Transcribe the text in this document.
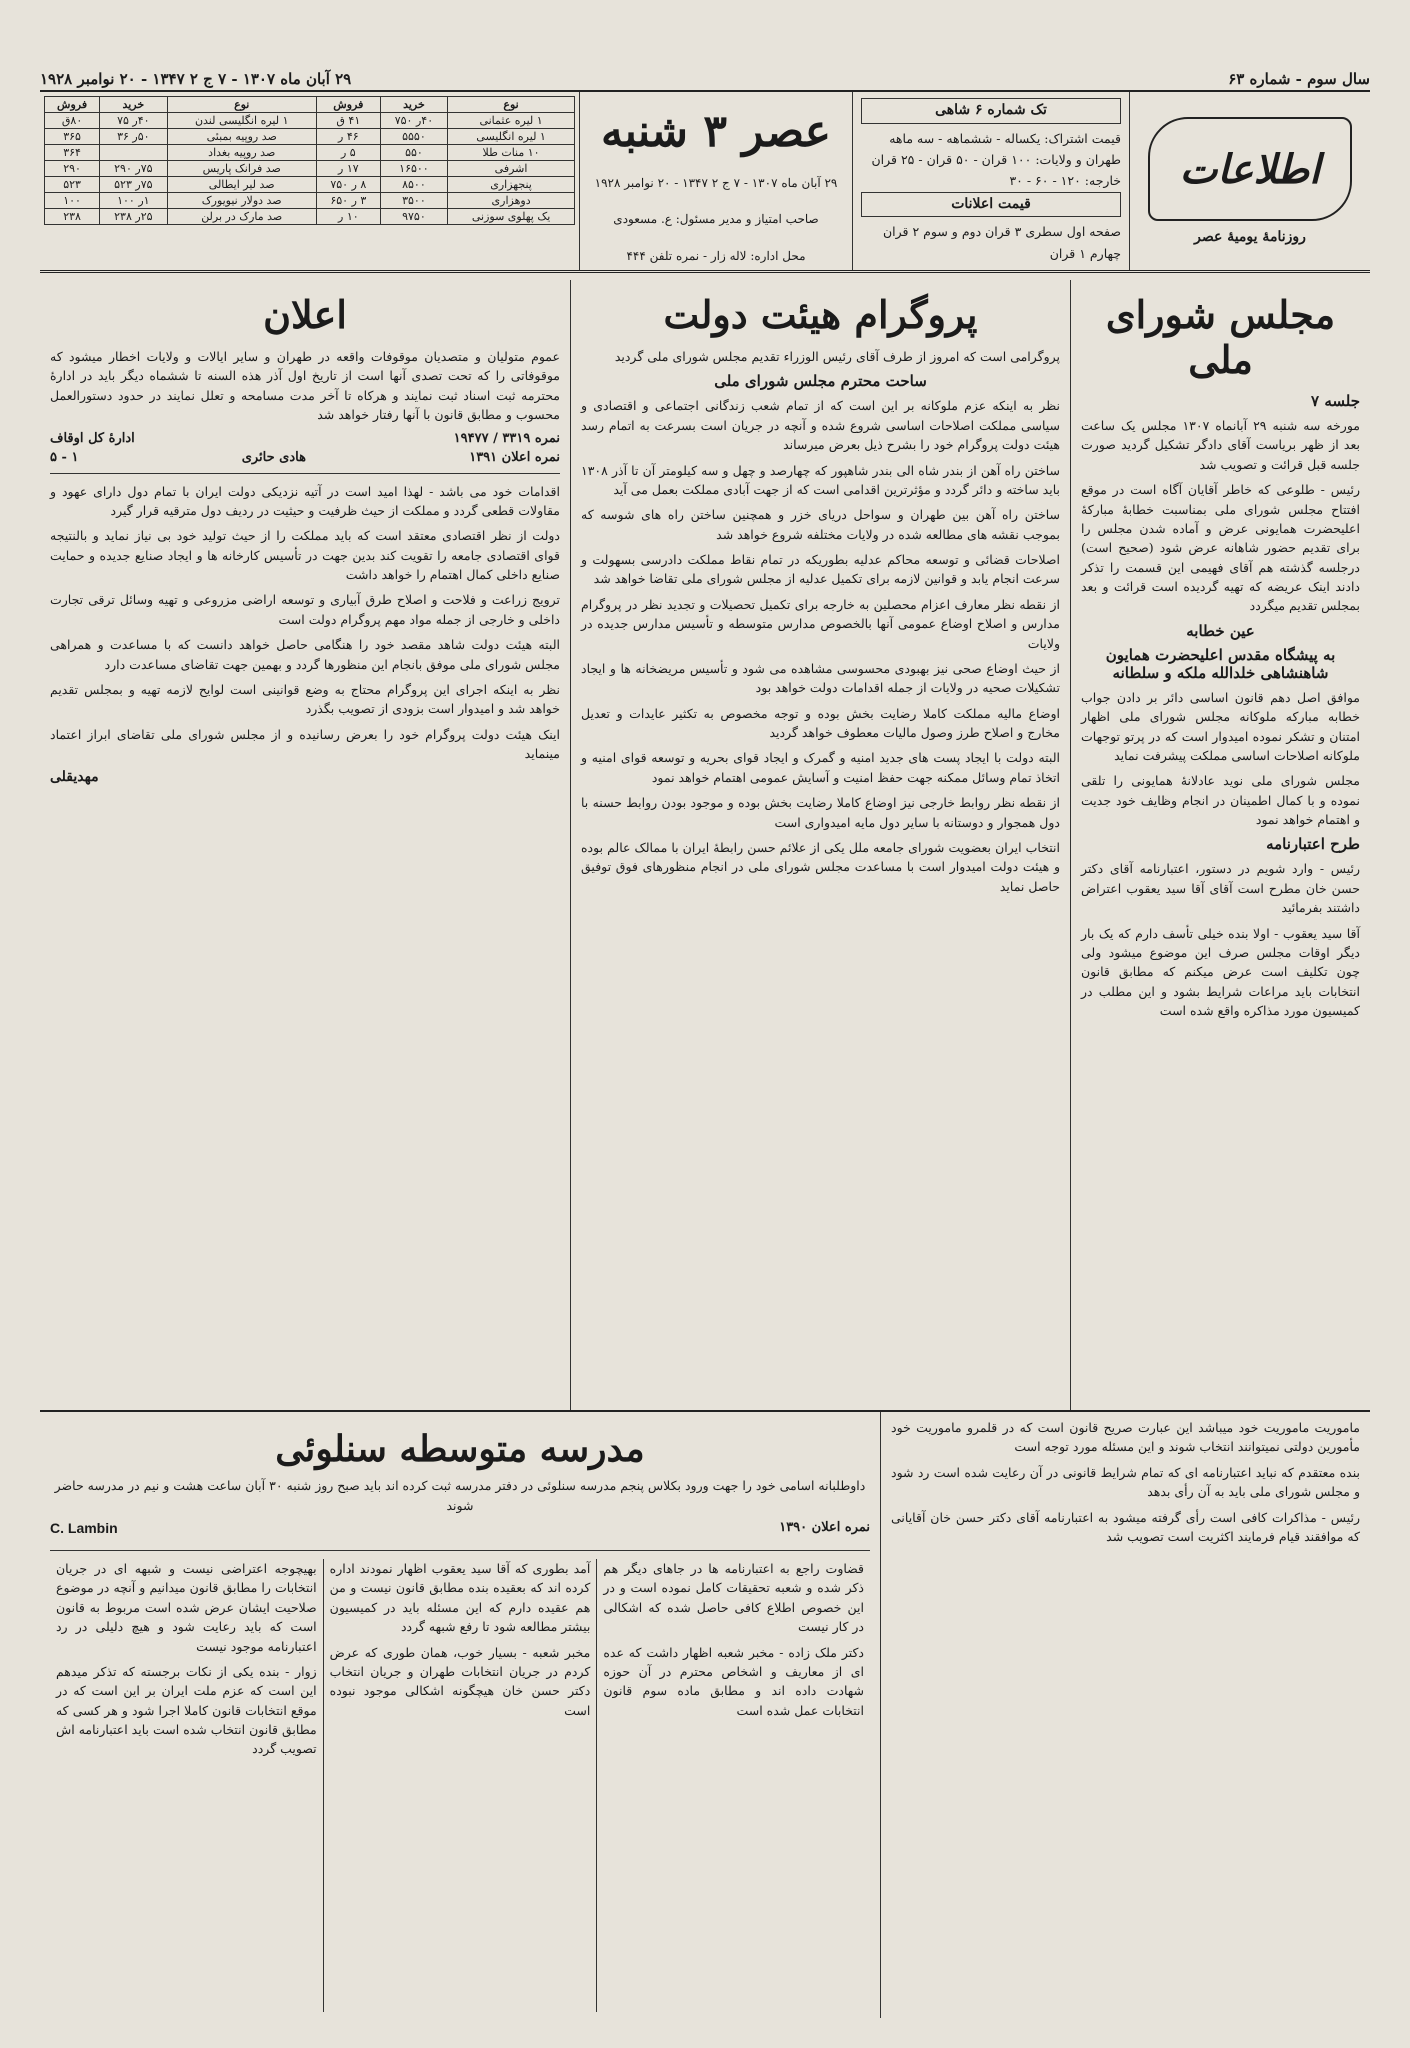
سال سوم - شماره ۶۳
۲۹ آبان ماه ۱۳۰۷ - ۷ ج ۲ ۱۳۴۷ - ۲۰ نوامبر ۱۹۲۸
اطلاعات
روزنامهٔ یومیهٔ عصر
تک شماره ۶ شاهی
قیمت اشتراک: یکساله - ششماهه - سه ماهه
طهران و ولایات: ۱۰۰ قران - ۵۰ قران - ۲۵ قران
خارجه: ۱۲۰ - ۶۰ - ۳۰
قیمت اعلانات
صفحه اول سطری ۳ قران دوم و سوم ۲ قران چهارم ۱ قران
عصر ۳ شنبه
۲۹ آبان ماه ۱۳۰۷ - ۷ ج ۲ ۱۳۴۷ - ۲۰ نوامبر ۱۹۲۸
صاحب امتیاز و مدیر مسئول: ع. مسعودی
محل اداره: لاله زار - نمره تلفن ۴۴۴
نوع	خرید	فروش	نوع	خرید	فروش
۱ لیره عثمانی	۴۰ر ۷۵۰	۴۱ ق	۱ لیره انگلیسی لندن	۴۰ر ۷۵	۸۰ق
۱ لیره انگلیسی	۵۵۵۰	۴۶ ر	صد روپیه بمبئی	۵۰ر ۳۶	۳۶۵
۱۰ منات طلا	۵۵۰	۵ ر	صد روپیه بغداد		۳۶۴
اشرفی	۱۶۵۰۰	۱۷ ر	صد فرانک پاریس	۷۵ر ۲۹۰	۲۹۰
پنجهزاری	۸۵۰۰	۸ ر ۷۵۰	صد لیر ایطالی	۷۵ر ۵۲۳	۵۲۳
دوهزاری	۳۵۰۰	۳ ر ۶۵۰	صد دولار نیویورک	۱ر ۱۰۰	۱۰۰
یک پهلوی سوزنی	۹۷۵۰	۱۰ ر	صد مارک در برلن	۲۵ر ۲۳۸	۲۳۸
مجلس شورای ملی
جلسه ۷

مورخه سه شنبه ۲۹ آبانماه ۱۳۰۷ مجلس یک ساعت بعد از ظهر بریاست آقای دادگر تشکیل گردید صورت جلسه قبل قرائت و تصویب شد

رئیس - طلوعی که خاطر آقایان آگاه است در موقع افتتاح مجلس شورای ملی بمناسبت خطابهٔ مبارکهٔ اعلیحضرت همایونی عرض و آماده شدن مجلس را برای تقدیم حضور شاهانه عرض شود (صحیح است) درجلسه گذشته هم آقای فهیمی این قسمت را تذکر دادند اینک عریضه که تهیه گردیده است قرائت و بعد بمجلس تقدیم میگردد

عین خطابه
به پیشگاه مقدس اعلیحضرت همایون شاهنشاهی خلدالله ملکه و سلطانه

موافق اصل دهم قانون اساسی دائر بر دادن جواب خطابه مبارکه ملوکانه مجلس شورای ملی اظهار امتنان و تشکر نموده امیدوار است که در پرتو توجهات ملوکانه اصلاحات اساسی مملکت پیشرفت نماید

مجلس شورای ملی نوید عادلانهٔ همایونی را تلقی نموده و با کمال اطمینان در انجام وظایف خود جدیت و اهتمام خواهد نمود

طرح اعتبارنامه

رئیس - وارد شویم در دستور، اعتبارنامه آقای دکتر حسن خان مطرح است آقای آقا سید یعقوب اعتراض داشتند بفرمائید

آقا سید یعقوب - اولا بنده خیلی تأسف دارم که یک بار دیگر اوقات مجلس صرف این موضوع میشود ولی چون تکلیف است عرض میکنم که مطابق قانون انتخابات باید مراعات شرایط بشود و این مطلب در کمیسیون مورد مذاکره واقع شده است

پروگرام هیئت دولت

پروگرامی است که امروز از طرف آقای رئیس الوزراء تقدیم مجلس شورای ملی گردید

ساحت محترم مجلس شورای ملی

نظر به اینکه عزم ملوکانه بر این است که از تمام شعب زندگانی اجتماعی و اقتصادی و سیاسی مملکت اصلاحات اساسی شروع شده و آنچه در جریان است بسرعت به اتمام رسد هیئت دولت پروگرام خود را بشرح ذیل بعرض میرساند

ساختن راه آهن از بندر شاه الی بندر شاهپور که چهارصد و چهل و سه کیلومتر آن تا آذر ۱۳۰۸ باید ساخته و دائر گردد و مؤثرترین اقدامی است که از جهت آبادی مملکت بعمل می آید

ساختن راه آهن بین طهران و سواحل دریای خزر و همچنین ساختن راه های شوسه که بموجب نقشه های مطالعه شده در ولایات مختلفه شروع خواهد شد

اصلاحات قضائی و توسعه محاکم عدلیه بطوریکه در تمام نقاط مملکت دادرسی بسهولت و سرعت انجام یابد و قوانین لازمه برای تکمیل عدلیه از مجلس شورای ملی تقاضا خواهد شد

از نقطه نظر معارف اعزام محصلین به خارجه برای تکمیل تحصیلات و تجدید نظر در پروگرام مدارس و اصلاح اوضاع عمومی آنها بالخصوص مدارس متوسطه و تأسیس مدارس جدیده در ولایات

از حیث اوضاع صحی نیز بهبودی محسوسی مشاهده می شود و تأسیس مریضخانه ها و ایجاد تشکیلات صحیه در ولایات از جمله اقدامات دولت خواهد بود

اوضاع مالیه مملکت کاملا رضایت بخش بوده و توجه مخصوص به تکثیر عایدات و تعدیل مخارج و اصلاح طرز وصول مالیات معطوف خواهد گردید

البته دولت با ایجاد پست های جدید امنیه و گمرک و ایجاد قوای بحریه و توسعه قوای امنیه و اتخاذ تمام وسائل ممکنه جهت حفظ امنیت و آسایش عمومی اهتمام خواهد نمود

از نقطه نظر روابط خارجی نیز اوضاع کاملا رضایت بخش بوده و موجود بودن روابط حسنه با دول همجوار و دوستانه با سایر دول مایه امیدواری است

انتخاب ایران بعضویت شورای جامعه ملل یکی از علائم حسن رابطهٔ ایران با ممالک عالم بوده و هیئت دولت امیدوار است با مساعدت مجلس شورای ملی در انجام منظورهای فوق توفیق حاصل نماید

اعلان

عموم متولیان و متصدیان موقوفات واقعه در طهران و سایر ایالات و ولایات اخطار میشود که موقوفاتی را که تحت تصدی آنها است از تاریخ اول آذر هذه السنه تا ششماه دیگر باید در ادارهٔ محترمه ثبت اسناد ثبت نمایند و هرکاه تا آخر مدت مسامحه و تعلل نمایند در حدود دستورالعمل محسوب و مطابق قانون با آنها رفتار خواهد شد

نمره ۳۳۱۹ / ۱۹۴۷۷
ادارهٔ کل اوقاف
نمره اعلان ۱۳۹۱
هادی حائری
۱ - ۵

اقدامات خود می باشد - لهذا امید است در آتیه نزدیکی دولت ایران با تمام دول دارای عهود و مقاولات قطعی گردد و مملکت از حیث ظرفیت و حیثیت در ردیف دول مترقیه قرار گیرد

دولت از نظر اقتصادی معتقد است که باید مملکت را از حیث تولید خود بی نیاز نماید و بالنتیجه قوای اقتصادی جامعه را تقویت کند بدین جهت در تأسیس کارخانه ها و ایجاد صنایع جدیده و حمایت صنایع داخلی کمال اهتمام را خواهد داشت

ترویج زراعت و فلاحت و اصلاح طرق آبیاری و توسعه اراضی مزروعی و تهیه وسائل ترقی تجارت داخلی و خارجی از جمله مواد مهم پروگرام دولت است

البته هیئت دولت شاهد مقصد خود را هنگامی حاصل خواهد دانست که با مساعدت و همراهی مجلس شورای ملی موفق بانجام این منظورها گردد و بهمین جهت تقاضای مساعدت دارد

نظر به اینکه اجرای این پروگرام محتاج به وضع قوانینی است لوایح لازمه تهیه و بمجلس تقدیم خواهد شد و امیدوار است بزودی از تصویب بگذرد

اینک هیئت دولت پروگرام خود را بعرض رسانیده و از مجلس شورای ملی تقاضای ابراز اعتماد مینماید

مهدیقلی

ماموریت ماموریت خود میباشد این عبارت صریح قانون است که در قلمرو ماموریت خود مأمورین دولتی نمیتوانند انتخاب شوند و این مسئله مورد توجه است

بنده معتقدم که نباید اعتبارنامه ای که تمام شرایط قانونی در آن رعایت شده است رد شود و مجلس شورای ملی باید به آن رأی بدهد

رئیس - مذاکرات کافی است رأی گرفته میشود به اعتبارنامه آقای دکتر حسن خان آقایانی که موافقند قیام فرمایند اکثریت است تصویب شد

مدرسه متوسطه سنلوئی
داوطلبانه اسامی خود را جهت ورود بکلاس پنجم مدرسه سنلوئی در دفتر مدرسه ثبت کرده اند باید صبح روز شنبه ۳۰ آبان ساعت هشت و نیم در مدرسه حاضر شوند
نمره اعلان ۱۳۹۰
C. Lambin

قضاوت راجع به اعتبارنامه ها در جاهای دیگر هم ذکر شده و شعبه تحقیقات کامل نموده است و در این خصوص اطلاع کافی حاصل شده که اشکالی در کار نیست

دکتر ملک زاده - مخبر شعبه اظهار داشت که عده ای از معاریف و اشخاص محترم در آن حوزه شهادت داده اند و مطابق ماده سوم قانون انتخابات عمل شده است

آمد بطوری که آقا سید یعقوب اظهار نمودند اداره کرده اند که بعقیده بنده مطابق قانون نیست و من هم عقیده دارم که این مسئله باید در کمیسیون بیشتر مطالعه شود تا رفع شبهه گردد

مخبر شعبه - بسیار خوب، همان طوری که عرض کردم در جریان انتخابات طهران و جریان انتخاب دکتر حسن خان هیچگونه اشکالی موجود نبوده است

بهیچوجه اعتراضی نیست و شبهه ای در جریان انتخابات را مطابق قانون میدانیم و آنچه در موضوع صلاحیت ایشان عرض شده است مربوط به قانون است که باید رعایت شود و هیچ دلیلی در رد اعتبارنامه موجود نیست

زوار - بنده یکی از نکات برجسته که تذکر میدهم این است که عزم ملت ایران بر این است که در موقع انتخابات قانون کاملا اجرا شود و هر کسی که مطابق قانون انتخاب شده است باید اعتبارنامه اش تصویب گردد
